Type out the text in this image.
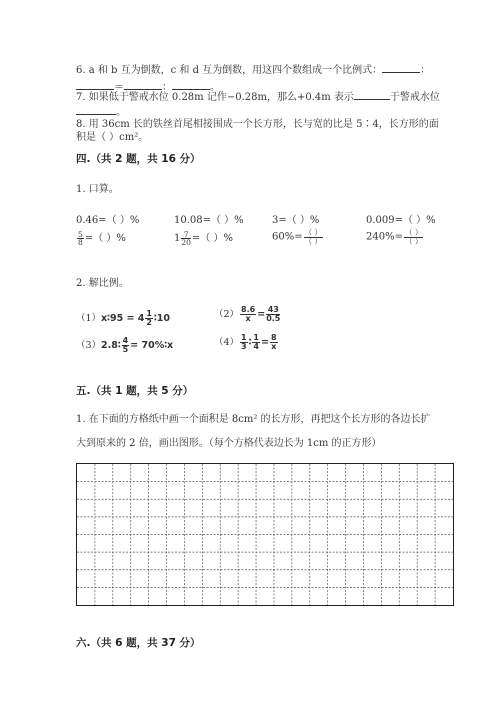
6. a 和 b 互为倒数，c 和 d 互为倒数，用这四个数组成一个比例式：	：
＝	：	。
7. 如果低于警戒水位 0.28m 记作−0.28m，那么+0.4m 表示	于警戒水位
。
8. 用 36cm 长的铁丝首尾相接围成一个长方形，长与宽的比是 5∶4，长方形的面
积是（ ）cm²。
四.（共 2 题，共 16 分）
1. 口算。
0.46=（ ）%	10.08=（ ）%	3=（ ）%	0.009=（ ）%
$\frac{5}{8}$ =（ ）%	$1 \frac{7}{20}$ =（ ）%	$60\%= \frac{( )}{( )}$	$240\%= \frac{( )}{( )}$
2. 解比例。
（1）x∶95 = $4 \frac{1}{2}$ ∶10	$(2) \frac{8.6}{x} = \frac{43}{0.5}$
（3）2.8∶ $\frac{4}{5}$ = 70%∶x	$(4) \frac{1}{3}$ ∶ $\frac{1}{4} = \frac{8}{x}$
五.（共 1 题，共 5 分）
1. 在下面的方格纸中画一个面积是 8cm² 的长方形，再把这个长方形的各边长扩
大到原来的 2 倍，画出图形。（每个方格代表边长为 1cm 的正方形）
六.（共 6 题，共 37 分）
